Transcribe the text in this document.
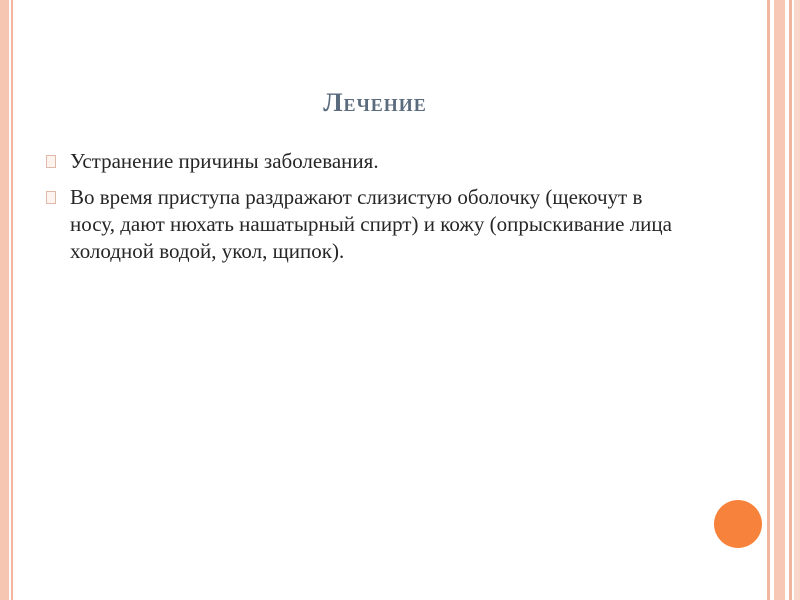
Лечение
Устранение причины заболевания.
Во время приступа раздражают слизистую оболочку (щекочут в носу, дают нюхать нашатырный спирт) и кожу (опрыскивание лица холодной водой, укол, щипок).
